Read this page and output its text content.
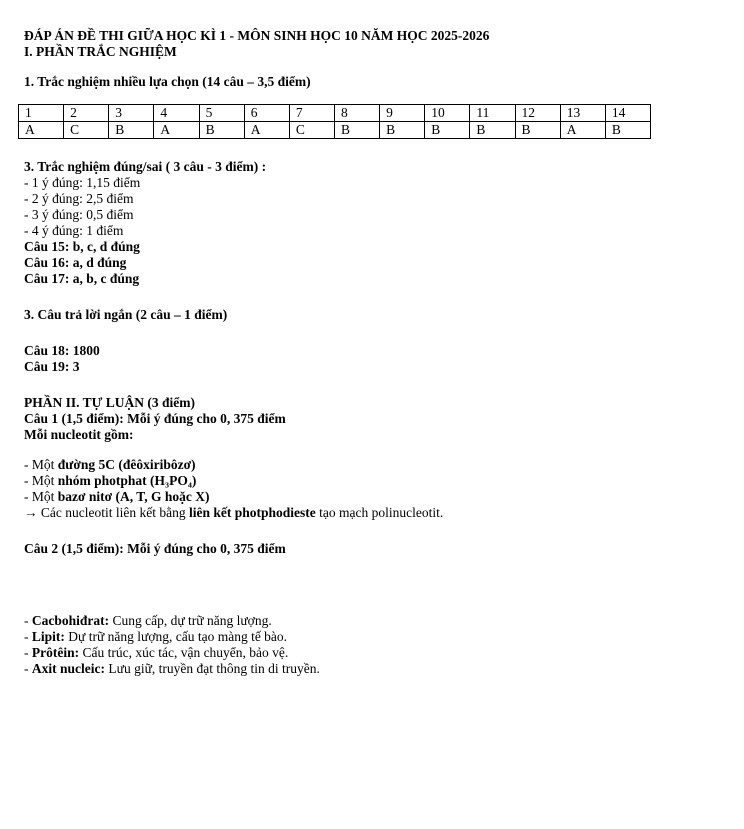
ĐÁP ÁN ĐỀ THI GIỮA HỌC KÌ 1 - MÔN SINH HỌC 10 NĂM HỌC 2025-2026

I. PHẦN TRẮC NGHIỆM

1. Trắc nghiệm nhiều lựa chọn (14 câu – 3,5 điểm)

1	2	3	4	5	6	7	8	9	10	11	12	13	14
A	C	B	A	B	A	C	B	B	B	B	B	A	B

3. Trắc nghiệm đúng/sai ( 3 câu - 3 điểm) :

- 1 ý đúng: 1,15 điểm

- 2 ý đúng: 2,5 điểm

- 3 ý đúng: 0,5 điểm

- 4 ý đúng: 1 điểm

Câu 15: b, c, d đúng

Câu 16: a, d đúng

Câu 17: a, b, c đúng

3. Câu trả lời ngắn (2 câu – 1 điểm)

Câu 18: 1800

Câu 19: 3

PHẦN II. TỰ LUẬN (3 điểm)

Câu 1 (1,5 điểm): Mỗi ý đúng cho 0, 375 điểm

Mỗi nucleotit gồm:

- Một đường 5C (đêôxiribôzơ)

- Một nhóm photphat (H₃PO₄)

- Một bazơ nitơ (A, T, G hoặc X)

→ Các nucleotit liên kết bằng liên kết photphodieste tạo mạch polinucleotit.

Câu 2 (1,5 điểm): Mỗi ý đúng cho 0, 375 điểm

- Cacbohiđrat: Cung cấp, dự trữ năng lượng.

- Lipit: Dự trữ năng lượng, cấu tạo màng tế bào.

- Prôtêin: Cấu trúc, xúc tác, vận chuyển, bảo vệ.

- Axit nucleic: Lưu giữ, truyền đạt thông tin di truyền.
